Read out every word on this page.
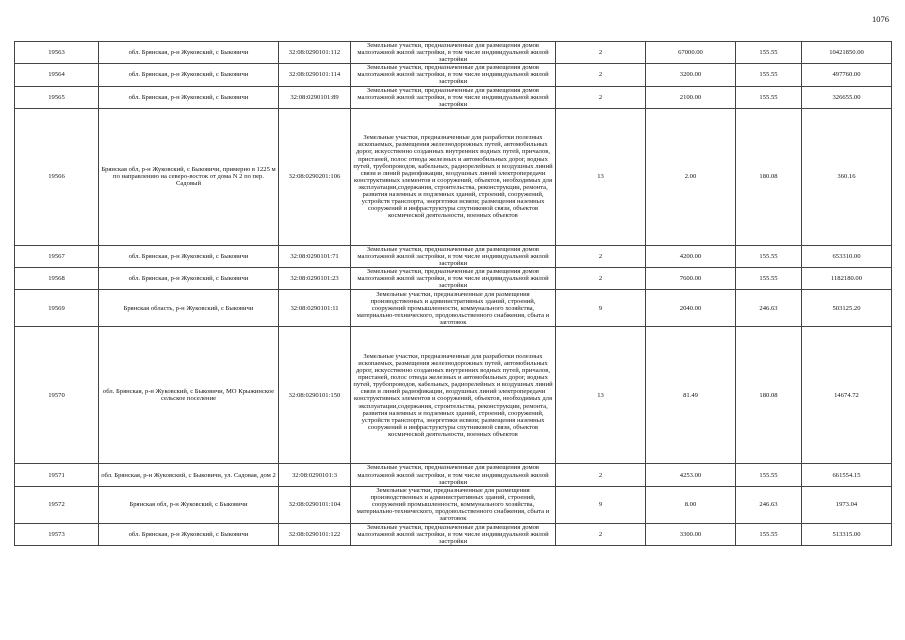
1076
19563	обл. Брянская, р-н Жуковский, с Быковичи	32:08:0290101:112	Земельные участки, предназначенные для размещения домов малоэтажной жилой застройки, в том числе индивидуальной жилой застройки	2	67000.00	155.55	10421850.00
19564	обл. Брянская, р-н Жуковский, с Быковичи	32:08:0290101:114	Земельные участки, предназначенные для размещения домов малоэтажной жилой застройки, в том числе индивидуальной жилой застройки	2	3200.00	155.55	497760.00
19565	обл. Брянская, р-н Жуковский, с Быковичи	32:08:0290101:89	Земельные участки, предназначенные для размещения домов малоэтажной жилой застройки, в том числе индивидуальной жилой застройки	2	2100.00	155.55	326655.00
19566	Брянская обл, р-н Жуковский, с Быковичи, примерно в 1225 м по направлению на северо-восток от дома N 2 по пер. Садовый	32:08:0290201:106	Земельные участки, предназначенные для разработки полезных ископаемых, размещения железнодорожных путей, автомобильных дорог, искусственно созданных внутренних водных путей, причалов, пристаней, полос отвода железных и автомобильных дорог, водных путей, трубопроводов, кабельных, радиорелейных и воздушных линий связи и линий радиофикации, воздушных линий электропередачи конструктивных элементов и сооружений, объектов, необходимых для эксплуатации,содержания, строительства, реконструкции, ремонта, развития наземных и подземных зданий, строений, сооружений, устройств транспорта, энергетики исвязи; размещения наземных сооружений и инфраструктуры спутниковой связи, объектов космической деятельности, военных объектов	13	2.00	180.08	360.16
19567	обл. Брянская, р-н Жуковский, с Быковичи	32:08:0290101:71	Земельные участки, предназначенные для размещения домов малоэтажной жилой застройки, в том числе индивидуальной жилой застройки	2	4200.00	155.55	653310.00
19568	обл. Брянская, р-н Жуковский, с Быковичи	32:08:0290101:23	Земельные участки, предназначенные для размещения домов малоэтажной жилой застройки, в том числе индивидуальной жилой застройки	2	7600.00	155.55	1182180.00
19569	Брянская область, р-н Жуковский, с Быковичи	32:08:0290101:11	Земельные участки, предназначенные для размещения производственных и административных зданий, строений, сооружений промышленности, коммунального хозяйства, материально-технического, продовольственного снабжения, сбыта и заготовок	9	2040.00	246.63	503125.20
19570	обл. Брянская, р-н Жуковский, с Быковичи, МО Крыжинское сельское поселение	32:08:0290101:150	Земельные участки, предназначенные для разработки полезных ископаемых, размещения железнодорожных путей, автомобильных дорог, искусственно созданных внутренних водных путей, причалов, пристаней, полос отвода железных и автомобильных дорог, водных путей, трубопроводов, кабельных, радиорелейных и воздушных линий связи и линий радиофикации, воздушных линий электропередачи конструктивных элементов и сооружений, объектов, необходимых для эксплуатации,содержания, строительства, реконструкции, ремонта, развития наземных и подземных зданий, строений, сооружений, устройств транспорта, энергетики исвязи; размещения наземных сооружений и инфраструктуры спутниковой связи, объектов космической деятельности, военных объектов	13	81.49	180.08	14674.72
19571	обл. Брянская, р-н Жуковский, с Быковичи, ул. Садовая, дом 2	32:08:0290101:3	Земельные участки, предназначенные для размещения домов малоэтажной жилой застройки, в том числе индивидуальной жилой застройки	2	4253.00	155.55	661554.15
19572	Брянская обл, р-н Жуковский, с Быковичи	32:08:0290101:104	Земельные участки, предназначенные для размещения производственных и административных зданий, строений, сооружений промышленности, коммунального хозяйства, материально-технического, продовольственного снабжения, сбыта и заготовок	9	8.00	246.63	1973.04
19573	обл. Брянская, р-н Жуковский, с Быковичи	32:08:0290101:122	Земельные участки, предназначенные для размещения домов малоэтажной жилой застройки, в том числе индивидуальной жилой застройки	2	3300.00	155.55	513315.00
